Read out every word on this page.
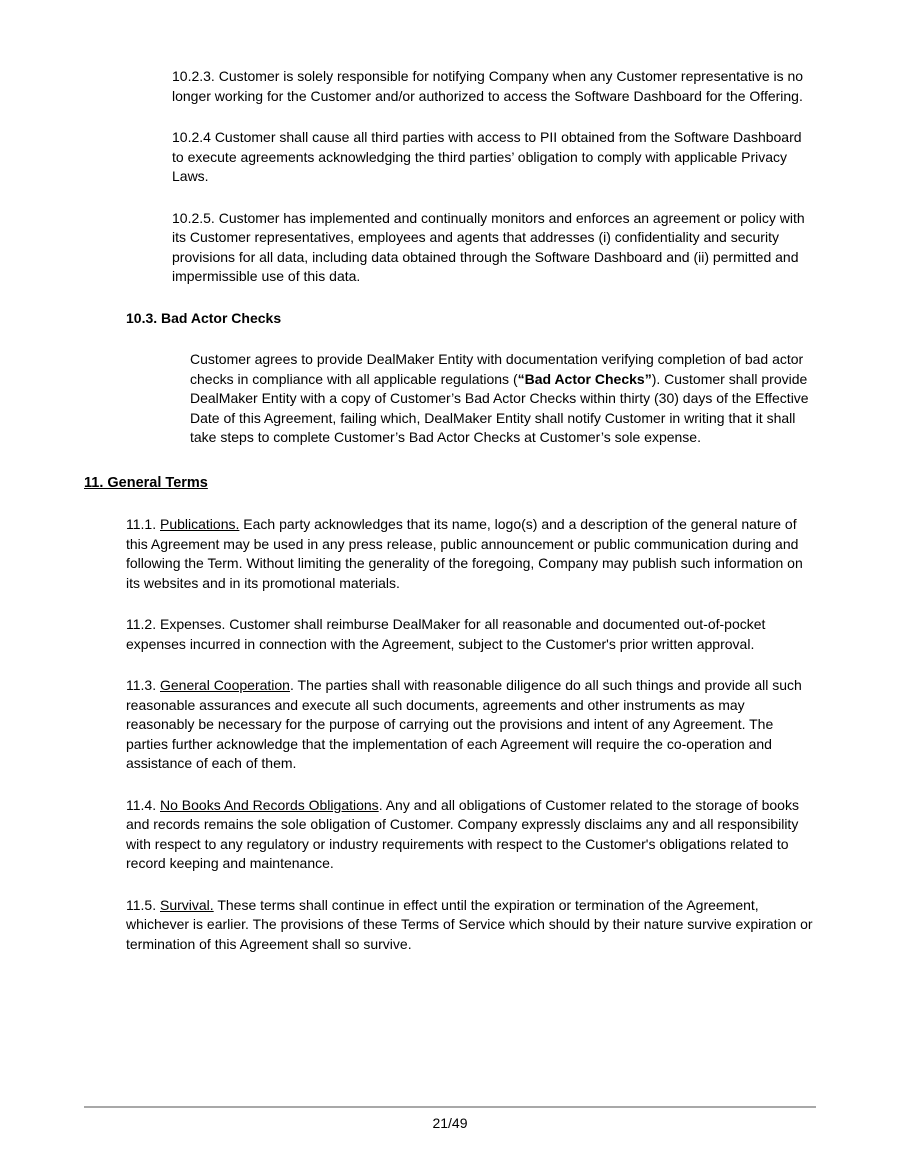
10.2.3. Customer is solely responsible for notifying Company when any Customer representative is no longer working for the Customer and/or authorized to access the Software Dashboard for the Offering.

10.2.4 Customer shall cause all third parties with access to PII obtained from the Software Dashboard to execute agreements acknowledging the third parties’ obligation to comply with applicable Privacy Laws.

10.2.5. Customer has implemented and continually monitors and enforces an agreement or policy with its Customer representatives, employees and agents that addresses (i) confidentiality and security provisions for all data, including data obtained through the Software Dashboard and (ii) permitted and impermissible use of this data.

10.3. Bad Actor Checks

Customer agrees to provide DealMaker Entity with documentation verifying completion of bad actor checks in compliance with all applicable regulations (“Bad Actor Checks”). Customer shall provide DealMaker Entity with a copy of Customer’s Bad Actor Checks within thirty (30) days of the Effective Date of this Agreement, failing which, DealMaker Entity shall notify Customer in writing that it shall take steps to complete Customer’s Bad Actor Checks at Customer’s sole expense.

11. General Terms

11.1. Publications. Each party acknowledges that its name, logo(s) and a description of the general nature of this Agreement may be used in any press release, public announcement or public communication during and following the Term. Without limiting the generality of the foregoing, Company may publish such information on its websites and in its promotional materials.

11.2. Expenses. Customer shall reimburse DealMaker for all reasonable and documented out-of-pocket expenses incurred in connection with the Agreement, subject to the Customer's prior written approval.

11.3. General Cooperation. The parties shall with reasonable diligence do all such things and provide all such reasonable assurances and execute all such documents, agreements and other instruments as may reasonably be necessary for the purpose of carrying out the provisions and intent of any Agreement. The parties further acknowledge that the implementation of each Agreement will require the co-operation and assistance of each of them.

11.4. No Books And Records Obligations. Any and all obligations of Customer related to the storage of books and records remains the sole obligation of Customer. Company expressly disclaims any and all responsibility with respect to any regulatory or industry requirements with respect to the Customer's obligations related to record keeping and maintenance.

11.5. Survival. These terms shall continue in effect until the expiration or termination of the Agreement, whichever is earlier. The provisions of these Terms of Service which should by their nature survive expiration or termination of this Agreement shall so survive.

21/49
